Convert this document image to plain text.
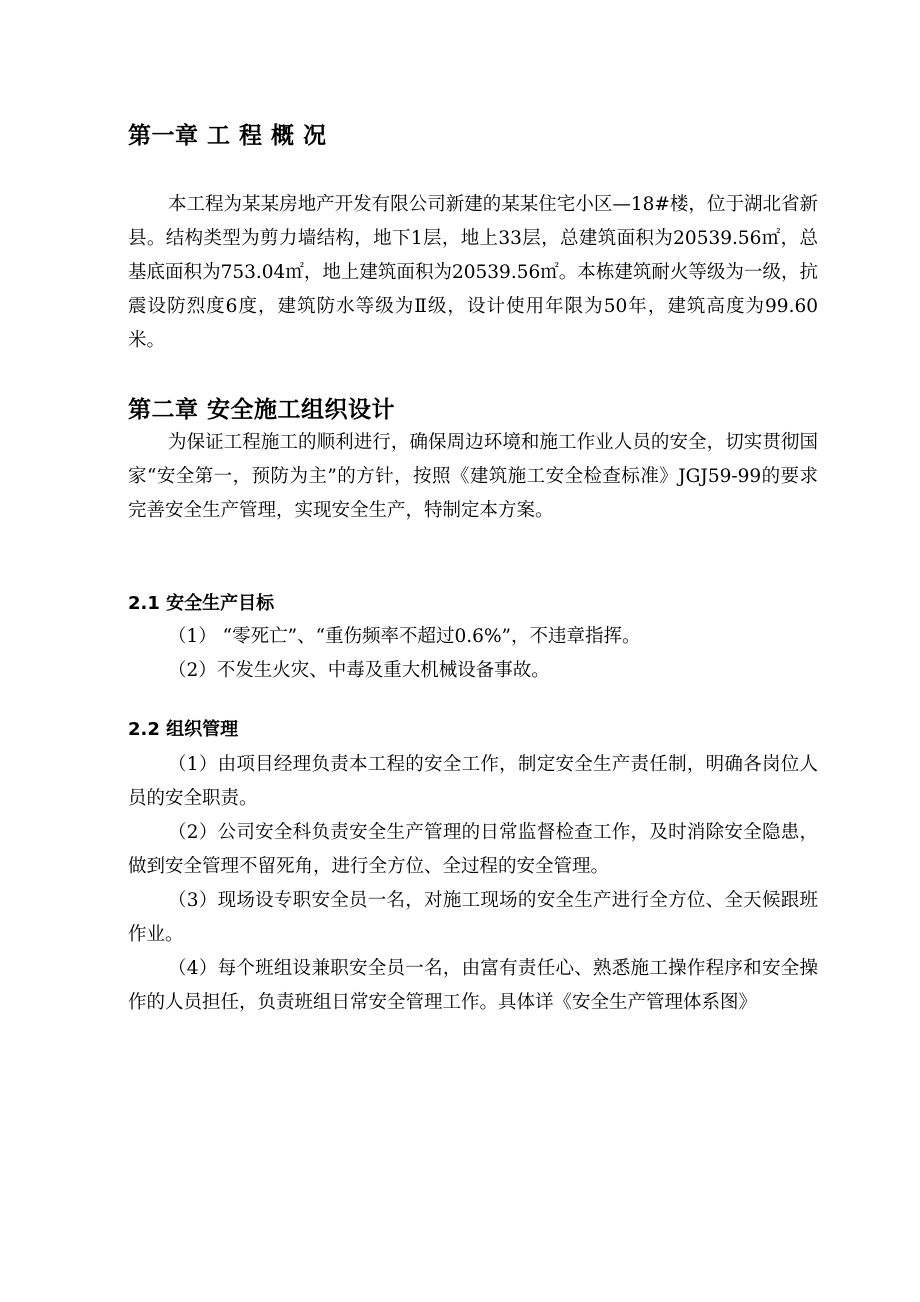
第一章 工 程 概 况

本工程为某某房地产开发有限公司新建的某某住宅小区—18#楼，位于湖北省新县。结构类型为剪力墙结构，地下1层，地上33层，总建筑面积为20539.56㎡，总基底面积为753.04㎡，地上建筑面积为20539.56㎡。本栋建筑耐火等级为一级，抗震设防烈度6度，建筑防水等级为Ⅱ级，设计使用年限为50年，建筑高度为99.60米。

第二章 安全施工组织设计

为保证工程施工的顺利进行，确保周边环境和施工作业人员的安全，切实贯彻国家“安全第一，预防为主”的方针，按照《建筑施工安全检查标准》JGJ59-99的要求完善安全生产管理，实现安全生产，特制定本方案。

2.1 安全生产目标

（1） “零死亡”、“重伤频率不超过0.6%”，不违章指挥。

（2）不发生火灾、中毒及重大机械设备事故。

2.2 组织管理

（1）由项目经理负责本工程的安全工作，制定安全生产责任制，明确各岗位人员的安全职责。

（2）公司安全科负责安全生产管理的日常监督检查工作，及时消除安全隐患，做到安全管理不留死角，进行全方位、全过程的安全管理。

（3）现场设专职安全员一名，对施工现场的安全生产进行全方位、全天候跟班作业。

（4）每个班组设兼职安全员一名，由富有责任心、熟悉施工操作程序和安全操作的人员担任，负责班组日常安全管理工作。具体详《安全生产管理体系图》
